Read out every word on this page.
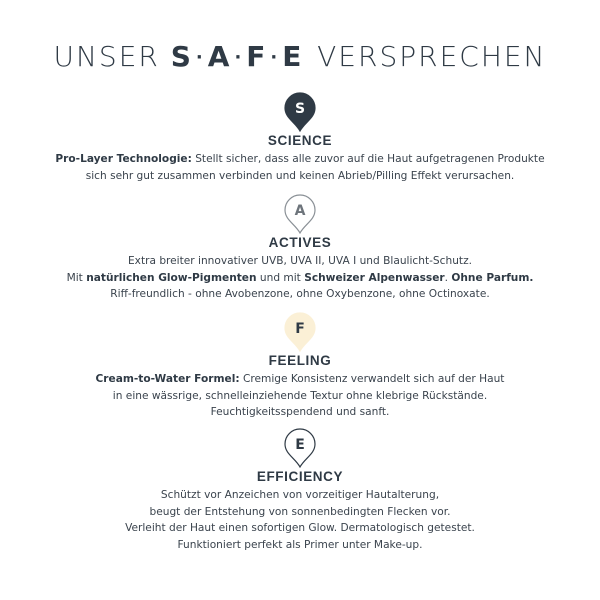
UNSER S ·A ·F ·E VERSPRECHEN
S
SCIENCE
Pro-Layer Technologie: Stellt sicher, dass alle zuvor auf die Haut aufgetragenen Produkte
sich sehr gut zusammen verbinden und keinen Abrieb/Pilling Effekt verursachen.
A
ACTIVES
Extra breiter innovativer UVB, UVA II, UVA I und Blaulicht-Schutz.
Mit natürlichen Glow-Pigmenten und mit Schweizer Alpenwasser. Ohne Parfum.
Riff-freundlich - ohne Avobenzone, ohne Oxybenzone, ohne Octinoxate.
F
FEELING
Cream-to-Water Formel: Cremige Konsistenz verwandelt sich auf der Haut
in eine wässrige, schnelleinziehende Textur ohne klebrige Rückstände.
Feuchtigkeitsspendend und sanft.
E
EFFICIENCY
Schützt vor Anzeichen von vorzeitiger Hautalterung,
beugt der Entstehung von sonnenbedingten Flecken vor.
Verleiht der Haut einen sofortigen Glow. Dermatologisch getestet.
Funktioniert perfekt als Primer unter Make-up.
